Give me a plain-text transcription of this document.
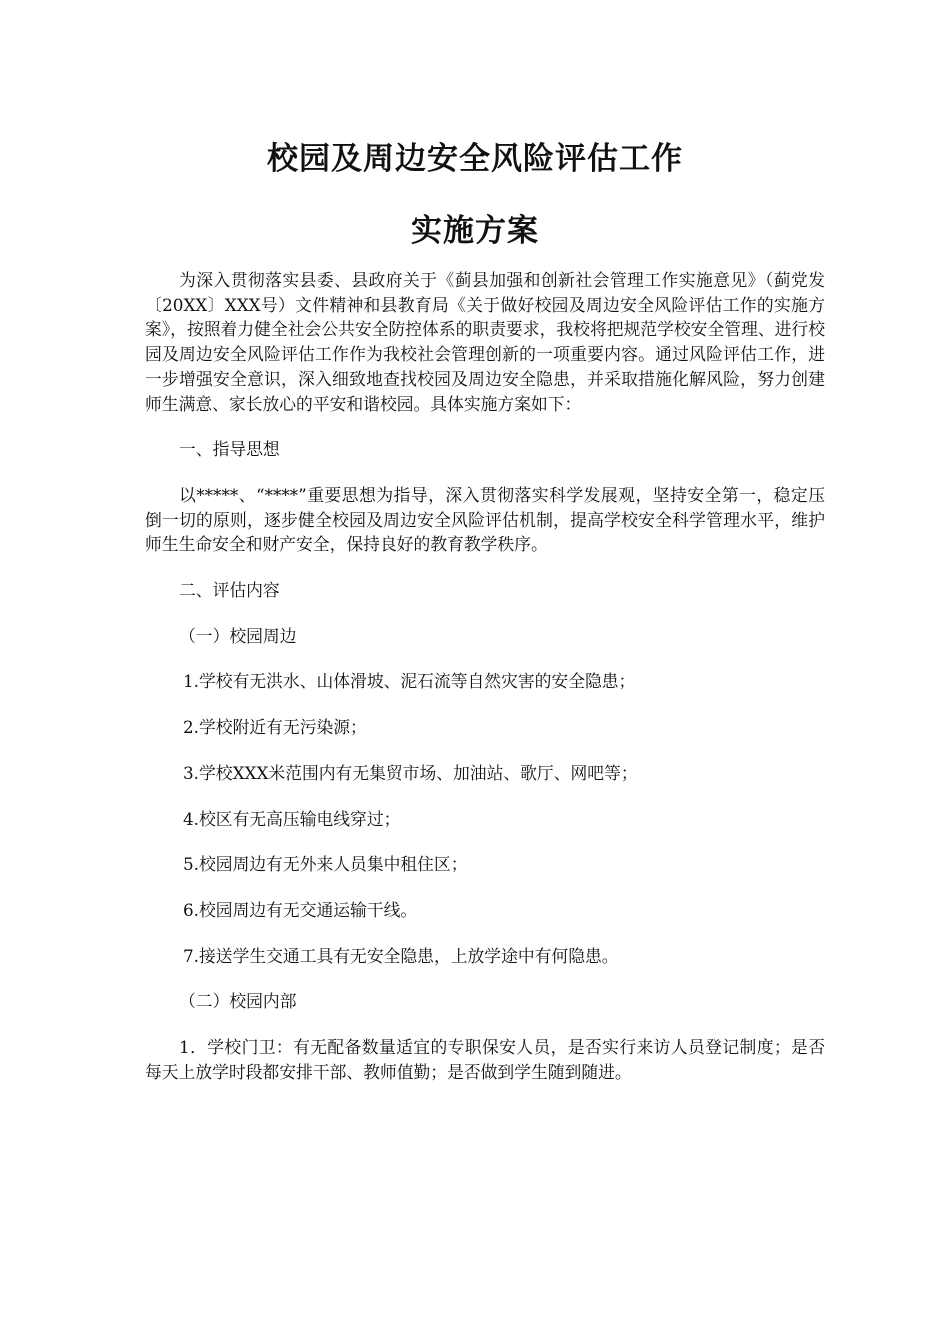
校园及周边安全风险评估工作
实施方案

为深入贯彻落实县委、县政府关于《蓟县加强和创新社会管理工作实施意见》（蓟党发〔20XX〕XXX号）文件精神和县教育局《关于做好校园及周边安全风险评估工作的实施方案》，按照着力健全社会公共安全防控体系的职责要求，我校将把规范学校安全管理、进行校园及周边安全风险评估工作作为我校社会管理创新的一项重要内容。通过风险评估工作，进一步增强安全意识，深入细致地查找校园及周边安全隐患，并采取措施化解风险，努力创建师生满意、家长放心的平安和谐校园。具体实施方案如下：

一、指导思想

以*****、“****”重要思想为指导，深入贯彻落实科学发展观，坚持安全第一，稳定压倒一切的原则，逐步健全校园及周边安全风险评估机制，提高学校安全科学管理水平，维护师生生命安全和财产安全，保持良好的教育教学秩序。

二、评估内容

（一）校园周边

1.学校有无洪水、山体滑坡、泥石流等自然灾害的安全隐患；

2.学校附近有无污染源；

3.学校XXX米范围内有无集贸市场、加油站、歌厅、网吧等；

4.校区有无高压输电线穿过；

5.校园周边有无外来人员集中租住区；

6.校园周边有无交通运输干线。

7.接送学生交通工具有无安全隐患，上放学途中有何隐患。

（二）校园内部

1．学校门卫：有无配备数量适宜的专职保安人员，是否实行来访人员登记制度；是否每天上放学时段都安排干部、教师值勤；是否做到学生随到随进。
